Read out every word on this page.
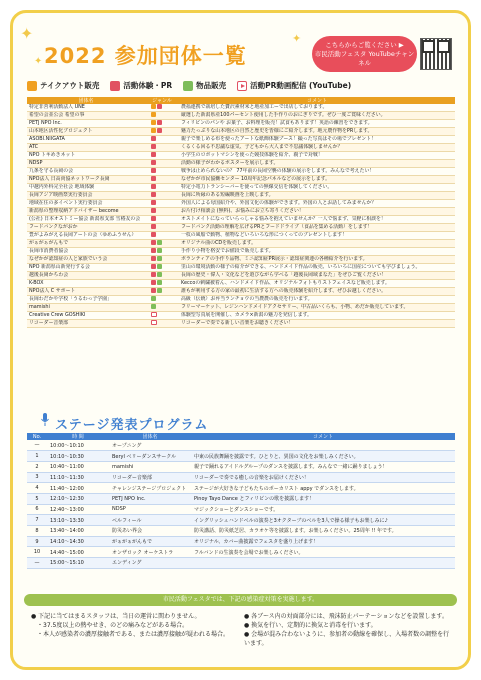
✦
✦
✦
2022 参加団体一覧	こちらからご覧ください ▶
市民活動フェスタ YouTubeチャンネル
テイクアウト販売	活動体験・PR	物品販売	活動PR動画配信 (YouTube)
団体名	ジャンル	コメント
特定非営利活動法人 UNE		農福連携で栽培した贅沢素材米と地産加工ーで出店しております。
希望の会並公会 希望の事		厳選した新潟県産100パーセント使用した手作りのおにぎりです。ぜひ一度ご賞味ください。
PETJ NPO Inc.		フィリピンのパンや お菓子、お料理を販売！試食もあります！英語の練習をできます。
山本地区活性化プロジェクト		魅力たっぷりな山本地区の自然と歴史を皆様にご紹介します。地元農作物をPRします。
ASOBI.NIIGATA		親子で楽しめる布を使ったアートな紙飾体験ブース！撮った写真はその場でプレゼント！
ATC		くるくる回る不思議な虚気、子どもから大人まで不思議体験しませんか？
NPO トキめきネット		小学生のロボットマシンを使った競技体験を紹介、親子で対戦！
NDSP		活動の様子がわかるポスターを展示します。
九条を守る長岡の会		戦争は止められないの？ 77年前の長岡空襲の体験の展示をします。みんなで考えたい！
NPO法人 日高尚協ネットワーク長岡		なぜかが市民協働センター 10周年記念パネルなどの展示をします。
中越内外科完全社会 地域体験		特定小電力トランシーバーを使っての無線交信を体験してください。
長岡アジア映画祭実行委員会		長岡に所縁のある短編映画を上映します。
地域在住の多イベント実行委員会		外国人による母国紹介や、外国文化の体験ができます。外国の人とお話してみませんか？
新潟県の整理収納アドバイザー become		お片付け相談会 (無料)、お悩みにお立ち寄りください！
(公社) 日本オストミー協会 新潟県支部 雪椿友の会		オストメイトになっていらっしゃる悩みを抱えていませんか？一人で悩まず、気軽に相談を！
フードバンクながおか		フードバンク活動の理解を広げるPRとフードドライブ（食品を集める活動）をします！
豊がよみがえる長岡アートの会（ゆめふうせん）		一枚の風船で動物、植物などいろいろな形につくってのプレゼントします！
がぁがぁがんもで		オリジナル曲のCDを販売します。
長岡市消費者協会		手作り小物を格安でお値段で販売します。
なぜかが認知症の人と家族でいう会		ボランティアの手作り品物、ミニ認知症PR展示・認知症関連の各種紹介を行います。
NPO 新潟県山新発行する会		里山の環境活動の様子の紹介ができる、ハンドメイド作品の販売、いろいろに国産についても学びましょう。
越後長岡かちわ会		長岡の歴史・偉人・文化などを遊びながら学べる「越後長岡域まなた」をぜひご覧ください！
K-BOX		Keccoの刺繍被着ん、ハンドメイド作品、オリジナルフォトもりストフェイスなど販売します。
NPO法人 C サポート		誰もが利用する方の家の最初に生活する方への販売体験を紹介します、ぜひお越しください。
長岡わだかや学校「うるわっ子学園」		高級（伝統）お弁当ランチョウの当農農の販売を行います。
mamishi		フリーマーケット、レジンハンドメイドアクセサリー、中古品いくらも、小物、めだか販売しています。
Creative Crew GOSHIKI		体験型写真展を開催し、カメラ×新潟の魅力を発信します。
リコーダー音楽部		リコーダーで奏でる新しい音楽をお聴きください！
ステージ発表プログラム
No.	時 間	団体名	コメント
—	10:00〜10:10	オープニング	
1	10:10〜10:30	Beryl ベリーダンスサークル	中東の民族舞踊を披露です。ひとりと、異国の文化をお楽しみください。
2	10:40〜11:00	mamishi	親子で踊れるアイドルグループのダンスを披露します。みんなで一緒に踊りましょう！
3	11:10〜11:30	リコーダー音楽部	リコーダーで奏でる癒しの音楽をお届けください！
4	11:40〜12:00	チャレンジステージプロジェクト	ステージが大好きな子どもたちのボーカリスト appy でダンスをします。
5	12:10〜12:30	PETJ NPO Inc.	Pinoy Tayo Dance とフィリピンの歌を披露します！
6	12:40〜13:00	NDSP	マジックショーとダンスショーです。
7	13:10〜13:30	ベルフィール	イングリッシュハンドベルの演奏と3オクターブのベルを3人で操る様子もお楽しみに♪
8	13:40〜14:00	防災あい界会	防災講話、防災紙芝居、カラオケ等を披露します。お楽しみください。25周年 !! 年です。
9	14:10〜14:30	がぁがぁがんもで	オリジナル、カバー曲披露でフェスタを盛り上げます！
10	14:40〜15:00	オンザロック オーケストラ	フルバンドの生演奏を会場でお楽しみください。
—	15:00〜15:10	エンディング	
市民活動フェスタでは、下記の感染症対策を実施します。
● 下記に当てはまるスタッフは、当日の運営に関わりません。
・37.5度以上の熱やせき、のどの痛みなどがある場合。
・本人が感染者の濃厚接触者である、または濃厚接触が疑われる場合。
● 各ブース内の対面部分には、飛沫防止パーテーションなどを設置します。
● 換気を行い、定期的に換気と消毒を行います。
● 会場が混み合わないように、参加者の動線を確保し、入場者数の調整を行います。
